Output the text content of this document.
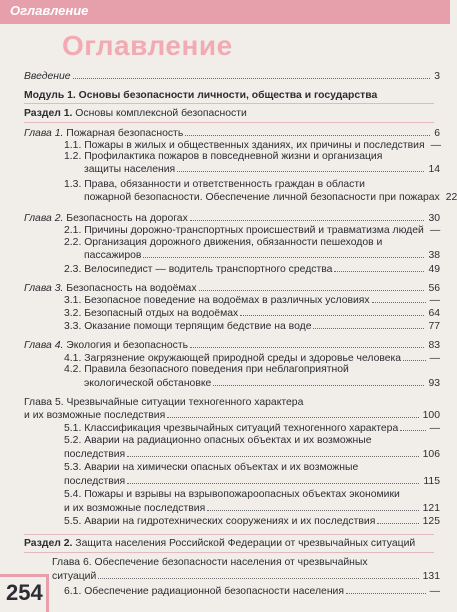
Оглавление
Оглавление
Введение	3
Модуль 1. Основы безопасности личности, общества и государства
Раздел 1. Основы комплексной безопасности
Глава 1. Пожарная безопасность	6
1.1. Пожары в жилых и общественных зданиях, их причины и последствия —
1.2. Профилактика пожаров в повседневной жизни и организация
защиты населения	14
1.3. Права, обязанности и ответственность граждан в области
пожарной безопасности. Обеспечение личной безопасности при пожарах 22
Глава 2. Безопасность на дорогах	30
2.1. Причины дорожно-транспортных происшествий и травматизма людей —
2.2. Организация дорожного движения, обязанности пешеходов и
пассажиров	38
2.3. Велосипедист — водитель транспортного средства	49
Глава 3. Безопасность на водоёмах	56
3.1. Безопасное поведение на водоёмах в различных условиях	—
3.2. Безопасный отдых на водоёмах	64
3.3. Оказание помощи терпящим бедствие на воде	77
Глава 4. Экология и безопасность	83
4.1. Загрязнение окружающей природной среды и здоровье человека	—
4.2. Правила безопасного поведения при неблагоприятной
экологической обстановке	93
Глава 5. Чрезвычайные ситуации техногенного характера
и их возможные последствия	100
5.1. Классификация чрезвычайных ситуаций техногенного характера	—
5.2. Аварии на радиационно опасных объектах и их возможные
последствия	106
5.3. Аварии на химически опасных объектах и их возможные
последствия	115
5.4. Пожары и взрывы на взрывопожароопасных объектах экономики
и их возможные последствия	121
5.5. Аварии на гидротехнических сооружениях и их последствия	125
Раздел 2. Защита населения Российской Федерации от чрезвычайных ситуаций
Глава 6. Обеспечение безопасности населения от чрезвычайных
ситуаций	131
6.1. Обеспечение радиационной безопасности населения	—
254
